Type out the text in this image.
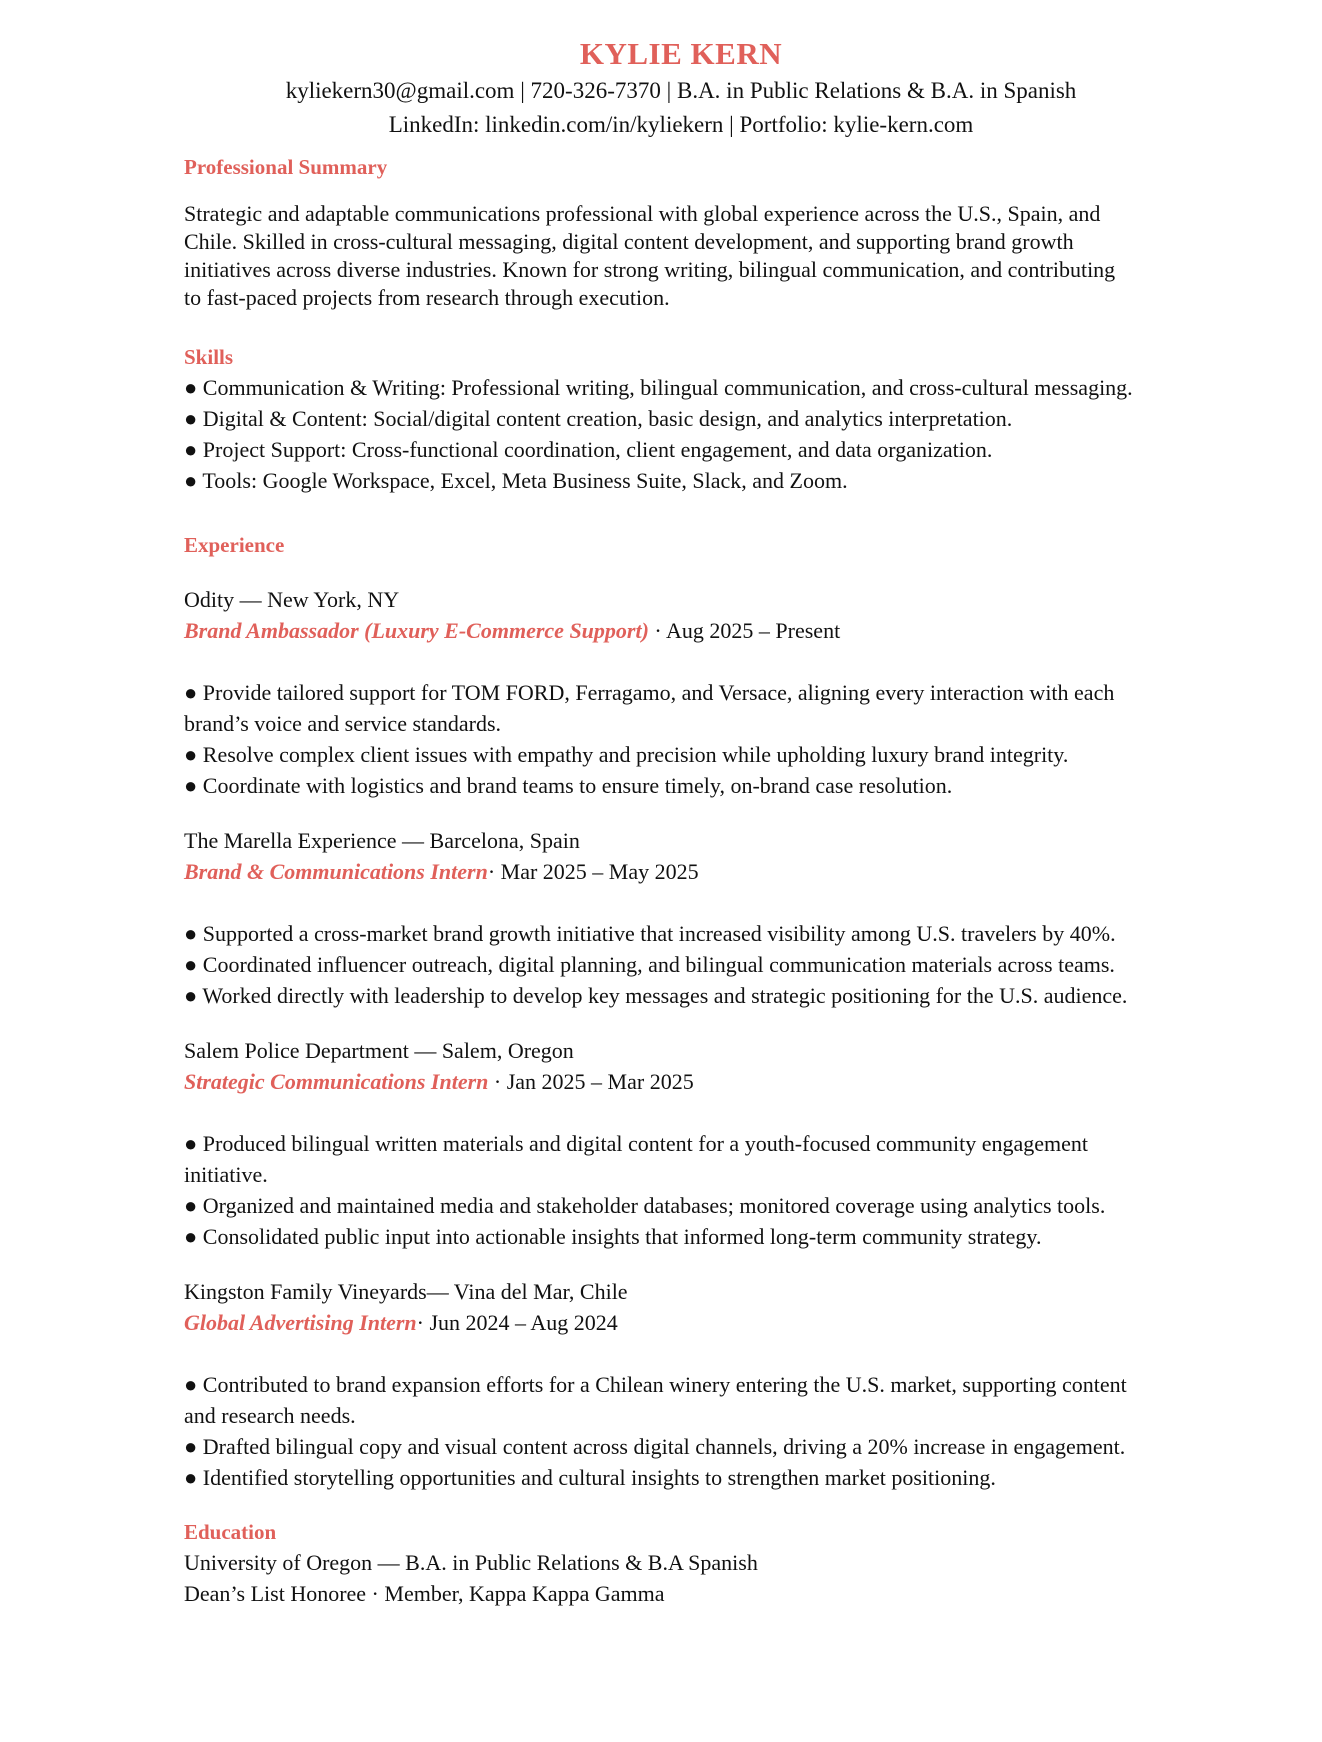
KYLIE KERN
kyliekern30@gmail.com | 720-326-7370 | B.A. in Public Relations & B.A. in Spanish
LinkedIn: linkedin.com/in/kyliekern | Portfolio: kylie-kern.com
Professional Summary

Strategic and adaptable communications professional with global experience across the U.S., Spain, and

Chile. Skilled in cross-cultural messaging, digital content development, and supporting brand growth

initiatives across diverse industries. Known for strong writing, bilingual communication, and contributing

to fast-paced projects from research through execution.

Skills
● Communication & Writing: Professional writing, bilingual communication, and cross-cultural messaging.
● Digital & Content: Social/digital content creation, basic design, and analytics interpretation.
● Project Support: Cross-functional coordination, client engagement, and data organization.
● Tools: Google Workspace, Excel, Meta Business Suite, Slack, and Zoom.
Experience
Odity — New York, NY
Brand Ambassador (Luxury E-Commerce Support) · Aug 2025 – Present
● Provide tailored support for TOM FORD, Ferragamo, and Versace, aligning every interaction with each
brand’s voice and service standards.
● Resolve complex client issues with empathy and precision while upholding luxury brand integrity.
● Coordinate with logistics and brand teams to ensure timely, on-brand case resolution.
The Marella Experience — Barcelona, Spain
Brand & Communications Intern· Mar 2025 – May 2025
● Supported a cross-market brand growth initiative that increased visibility among U.S. travelers by 40%.
● Coordinated influencer outreach, digital planning, and bilingual communication materials across teams.
● Worked directly with leadership to develop key messages and strategic positioning for the U.S. audience.
Salem Police Department — Salem, Oregon
Strategic Communications Intern · Jan 2025 – Mar 2025
● Produced bilingual written materials and digital content for a youth-focused community engagement
initiative.
● Organized and maintained media and stakeholder databases; monitored coverage using analytics tools.
● Consolidated public input into actionable insights that informed long-term community strategy.
Kingston Family Vineyards— Vina del Mar, Chile
Global Advertising Intern· Jun 2024 – Aug 2024
● Contributed to brand expansion efforts for a Chilean winery entering the U.S. market, supporting content
and research needs.
● Drafted bilingual copy and visual content across digital channels, driving a 20% increase in engagement.
● Identified storytelling opportunities and cultural insights to strengthen market positioning.
Education
University of Oregon — B.A. in Public Relations & B.A Spanish
Dean’s List Honoree · Member, Kappa Kappa Gamma
